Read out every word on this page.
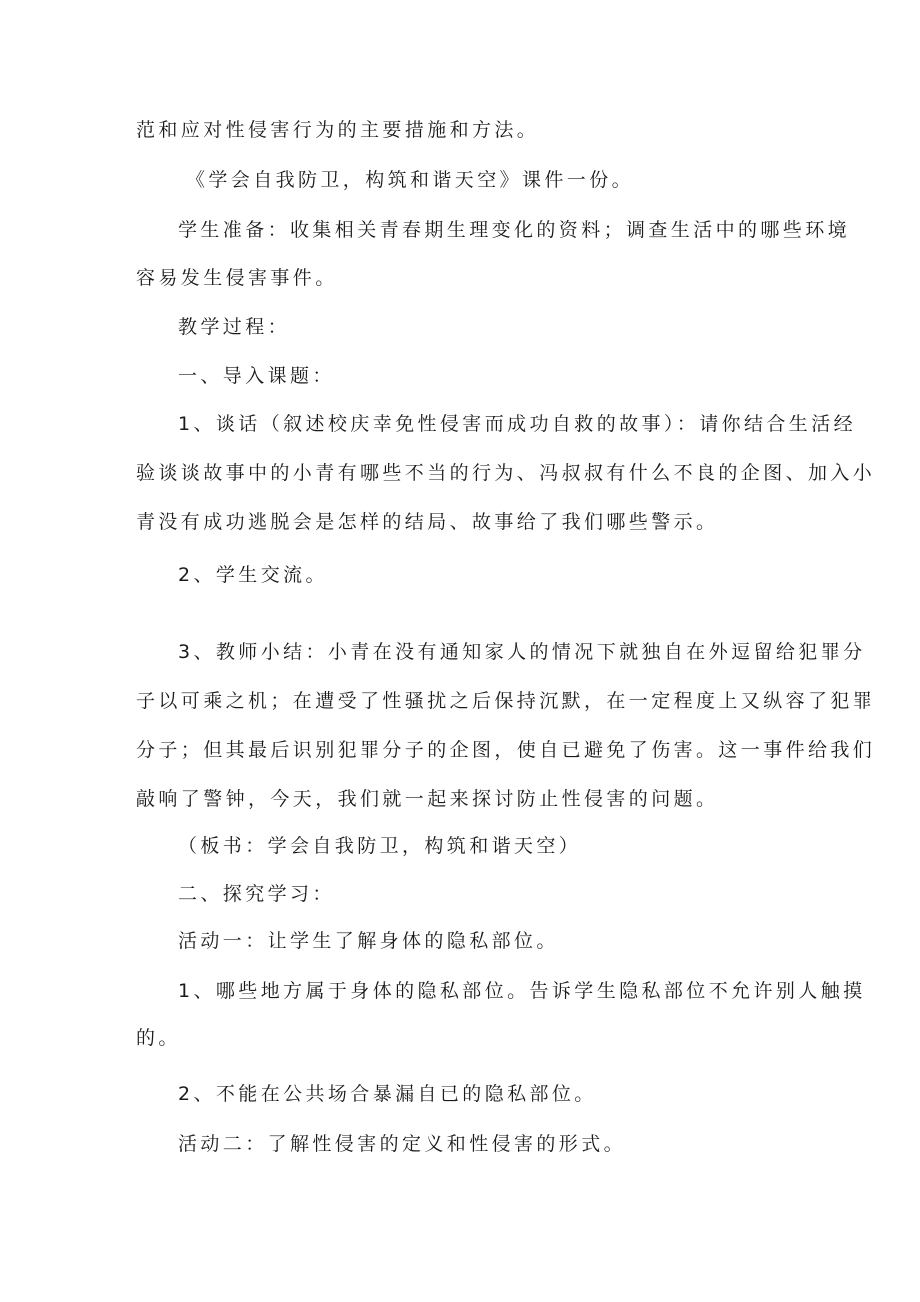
范和应对性侵害行为的主要措施和方法。
《学会自我防卫，构筑和谐天空》课件一份。
学生准备：收集相关青春期生理变化的资料；调查生活中的哪些环境
容易发生侵害事件。
教学过程：
一、导入课题：
1、谈话（叙述校庆幸免性侵害而成功自救的故事）：请你结合生活经
验谈谈故事中的小青有哪些不当的行为、冯叔叔有什么不良的企图、加入小
青没有成功逃脱会是怎样的结局、故事给了我们哪些警示。
2、学生交流。
3、教师小结：小青在没有通知家人的情况下就独自在外逗留给犯罪分
子以可乘之机；在遭受了性骚扰之后保持沉默，在一定程度上又纵容了犯罪
分子；但其最后识别犯罪分子的企图，使自已避免了伤害。这一事件给我们
敲响了警钟，今天，我们就一起来探讨防止性侵害的问题。
（板书：学会自我防卫，构筑和谐天空）
二、探究学习：
活动一：让学生了解身体的隐私部位。
1、哪些地方属于身体的隐私部位。告诉学生隐私部位不允许别人触摸
的。
2、不能在公共场合暴漏自已的隐私部位。
活动二：了解性侵害的定义和性侵害的形式。
